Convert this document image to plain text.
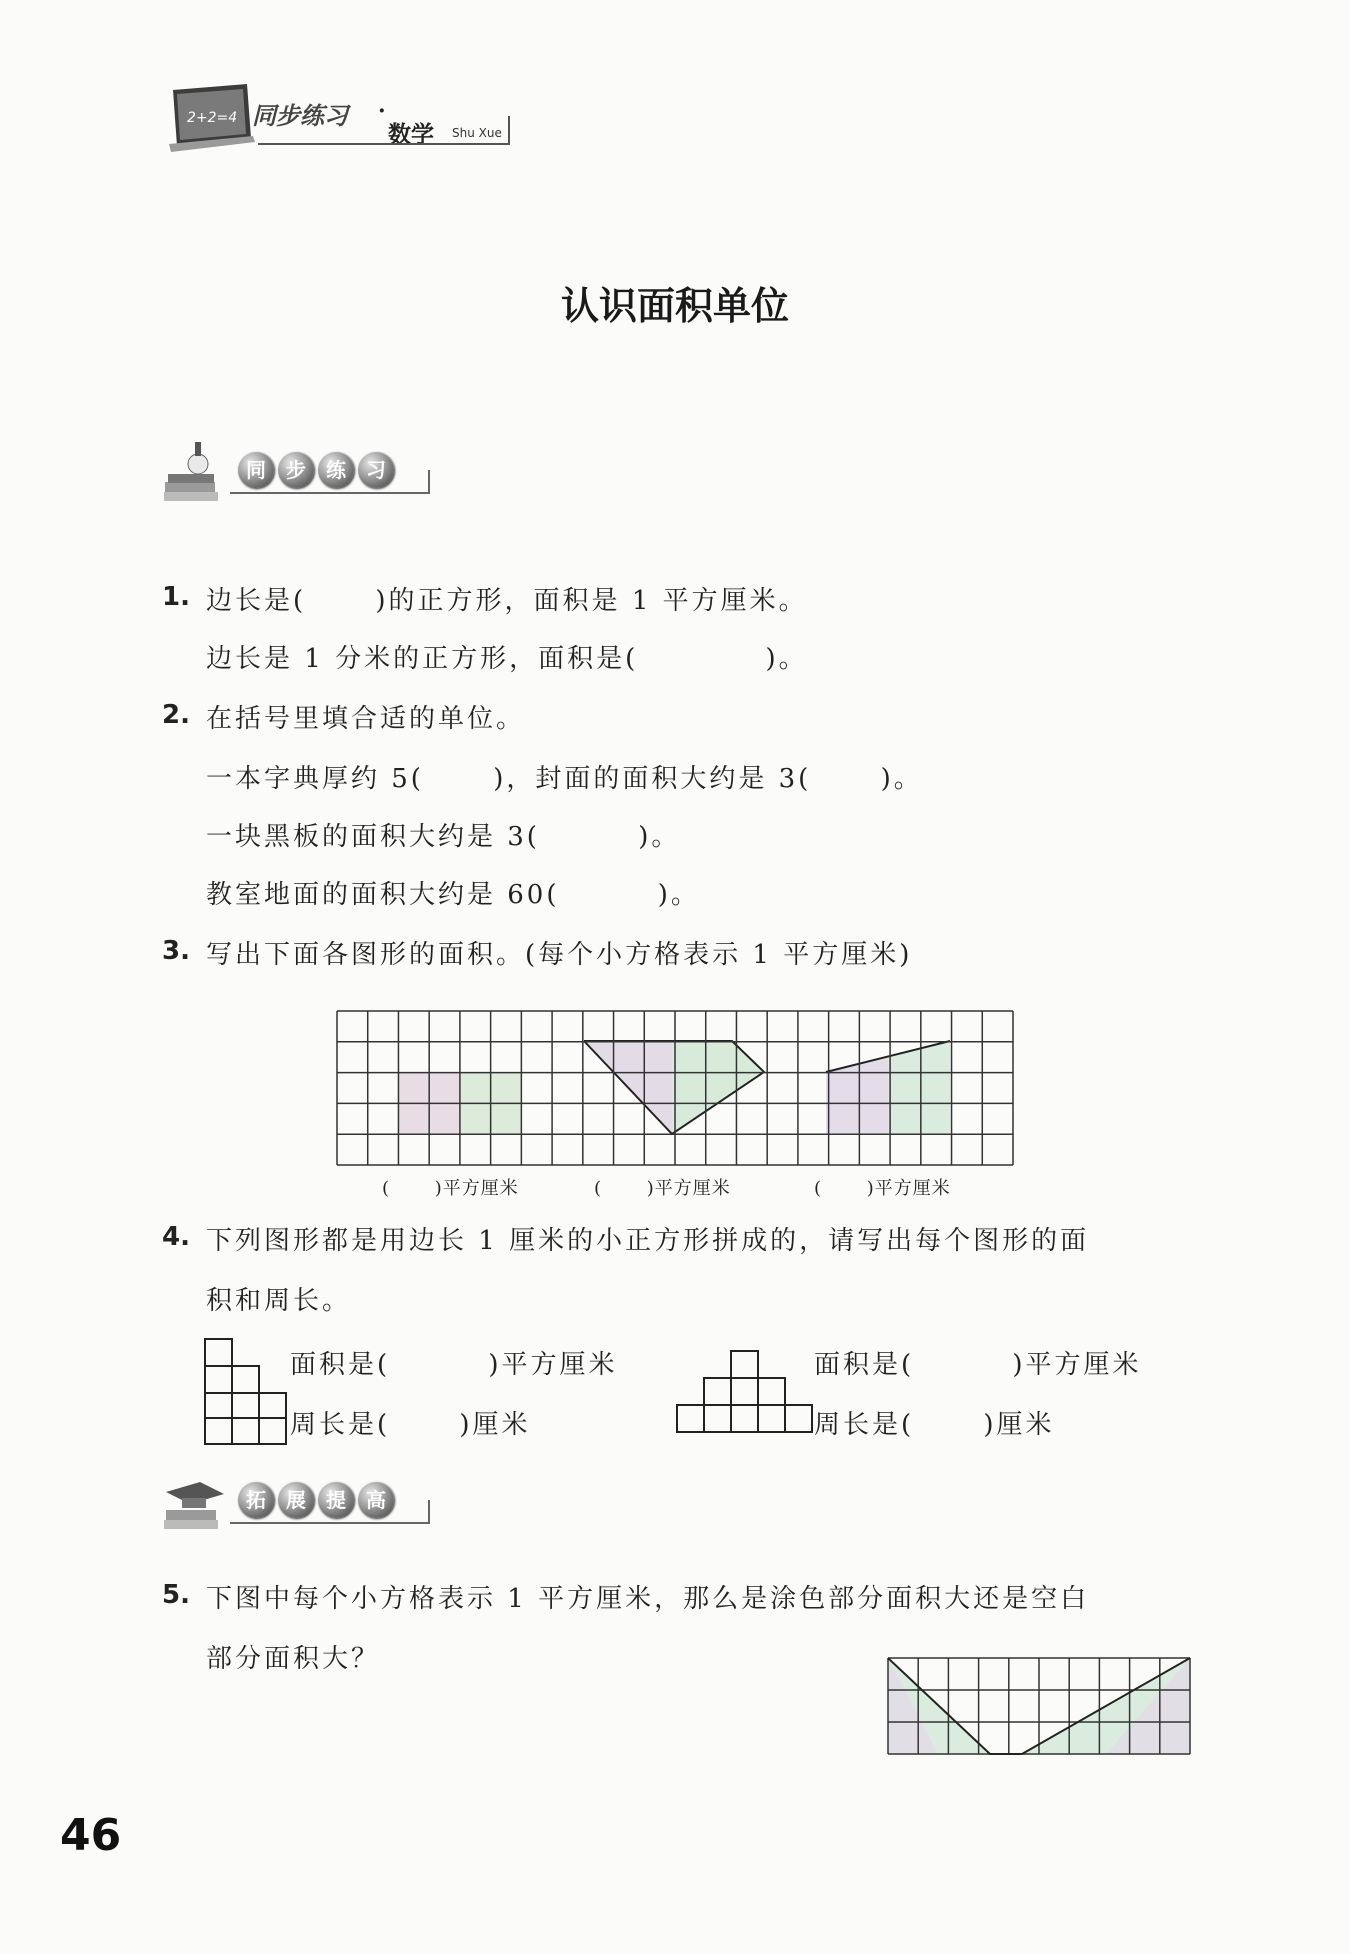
2+2=4 同步练习 ·
数学 Shu Xue
认识面积单位
同	步	练	习
1. 边长是(　　 )的正方形，面积是 1 平方厘米。
边长是 1 分米的正方形，面积是(　　　　 )。
2. 在括号里填合适的单位。
一本字典厚约 5(　　 )，封面的面积大约是 3(　　 )。
一块黑板的面积大约是 3(　　　 )。
教室地面的面积大约是 60(　　　 )。
3. 写出下面各图形的面积。(每个小方格表示 1 平方厘米)
(　　 )平方厘米	(　　 )平方厘米	(　　 )平方厘米
4. 下列图形都是用边长 1 厘米的小正方形拼成的，请写出每个图形的面
积和周长。
面积是(　　　 )平方厘米
周长是(　　 )厘米
面积是(　　　 )平方厘米
周长是(　　 )厘米
拓	展	提	高
5. 下图中每个小方格表示 1 平方厘米，那么是涂色部分面积大还是空白
部分面积大？
46
